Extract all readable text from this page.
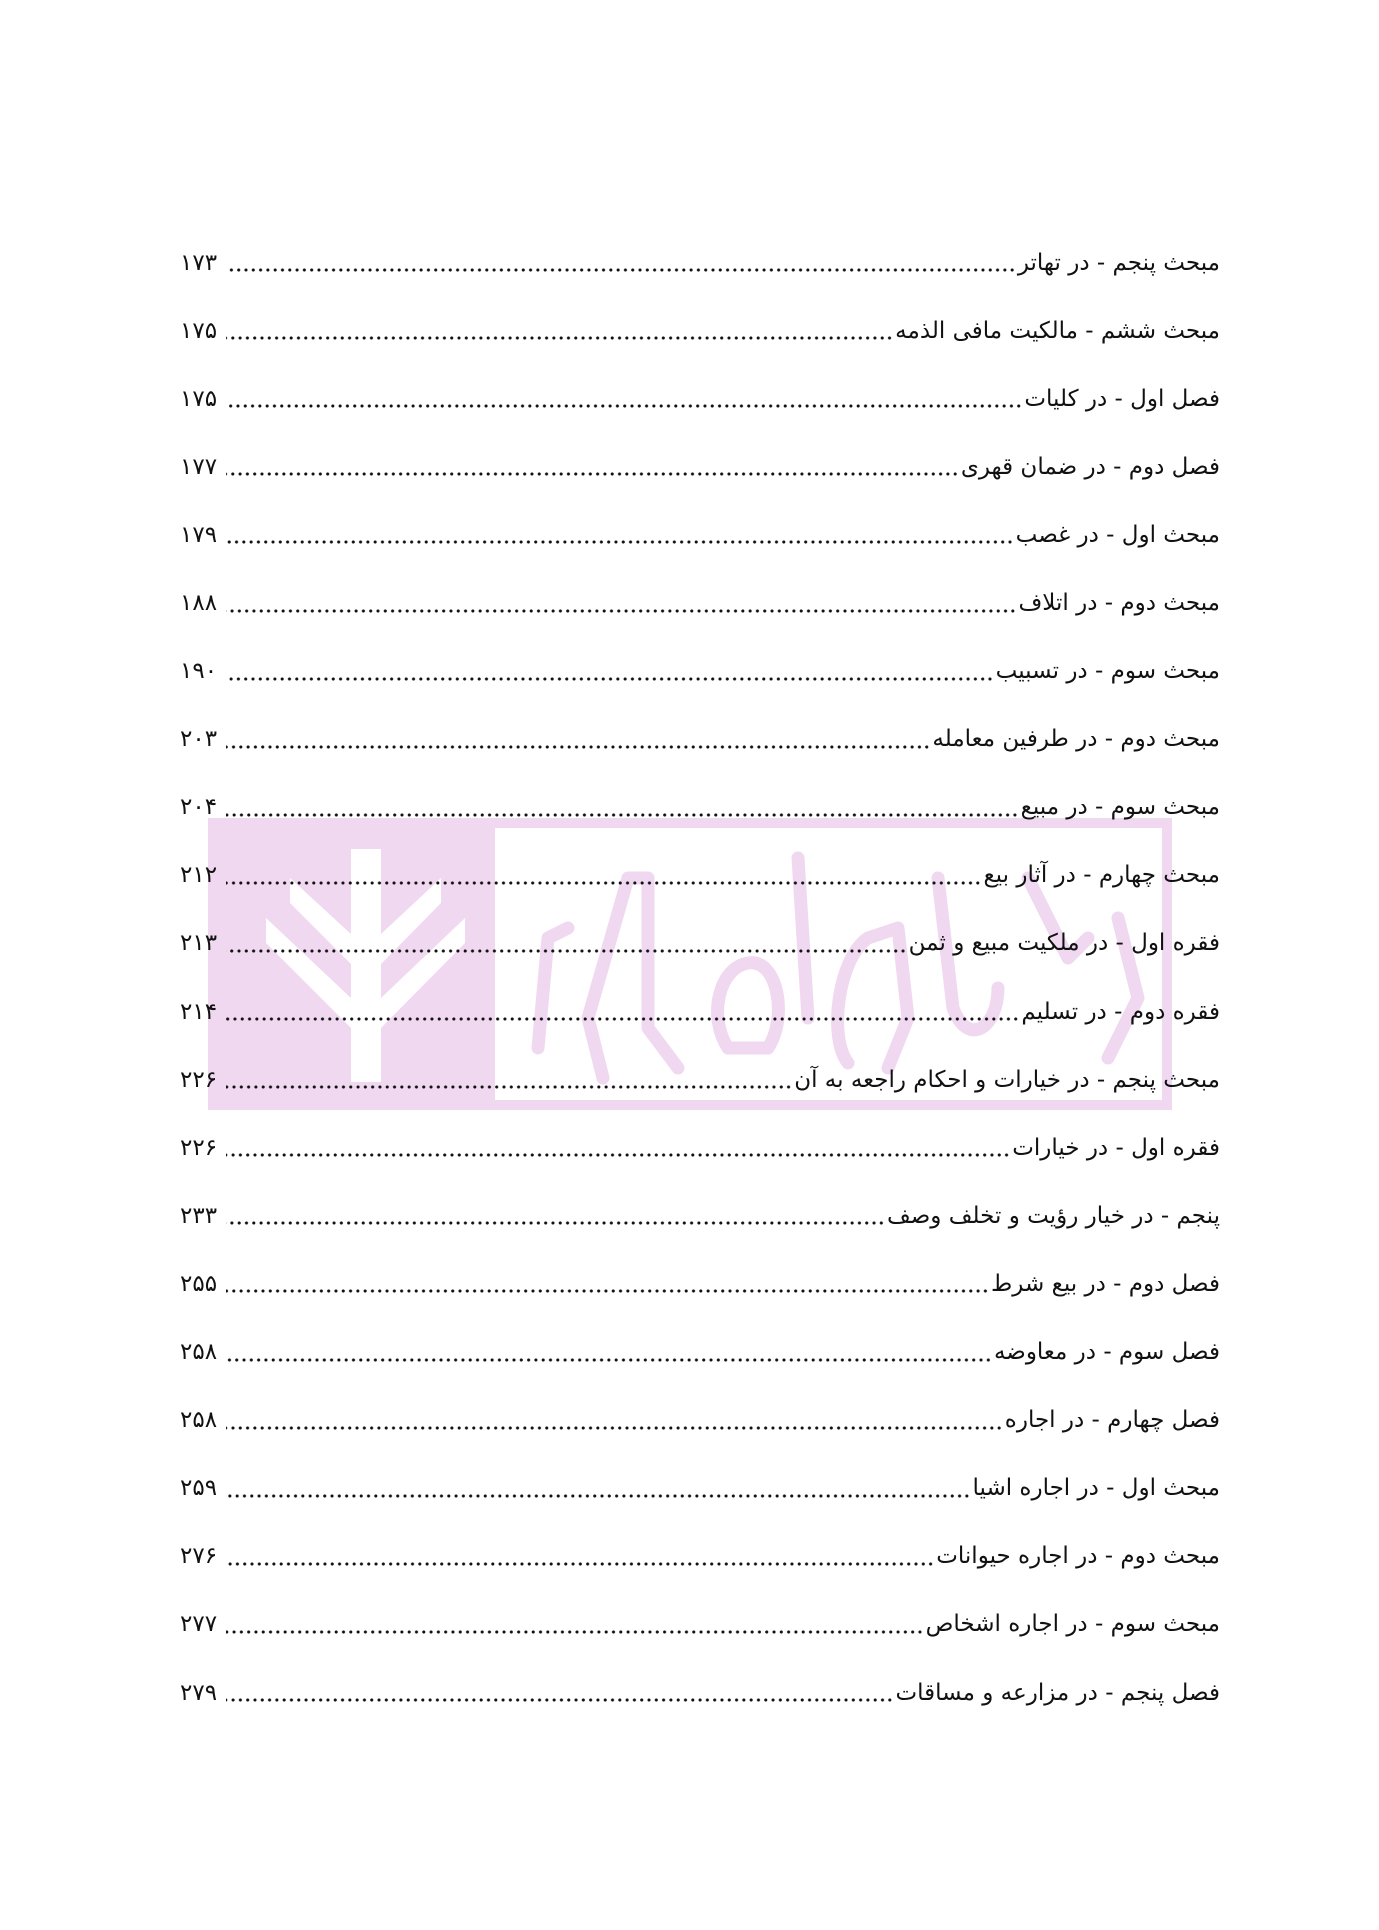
مبحث پنجم - در تهاتر
۱۷۳
مبحث ششم - مالکیت مافی الذمه
۱۷۵
فصل اول - در کلیات
۱۷۵
فصل دوم - در ضمان قهری
۱۷۷
مبحث اول - در غصب
۱۷۹
مبحث دوم - در اتلاف
۱۸۸
مبحث سوم - در تسبیب
۱۹۰
مبحث دوم - در طرفین معامله
۲۰۳
مبحث سوم - در مبیع
۲۰۴
مبحث چهارم - در آثار بیع
۲۱۲
فقره اول - در ملکیت مبیع و ثمن
۲۱۳
فقره دوم - در تسلیم
۲۱۴
مبحث پنجم - در خیارات و احکام راجعه به آن
۲۲۶
فقره اول - در خیارات
۲۲۶
پنجم - در خیار رؤیت و تخلف وصف
۲۳۳
فصل دوم - در بیع شرط
۲۵۵
فصل سوم - در معاوضه
۲۵۸
فصل چهارم - در اجاره
۲۵۸
مبحث اول - در اجاره اشیا
۲۵۹
مبحث دوم - در اجاره حیوانات
۲۷۶
مبحث سوم - در اجاره اشخاص
۲۷۷
فصل پنجم - در مزارعه و مساقات
۲۷۹
